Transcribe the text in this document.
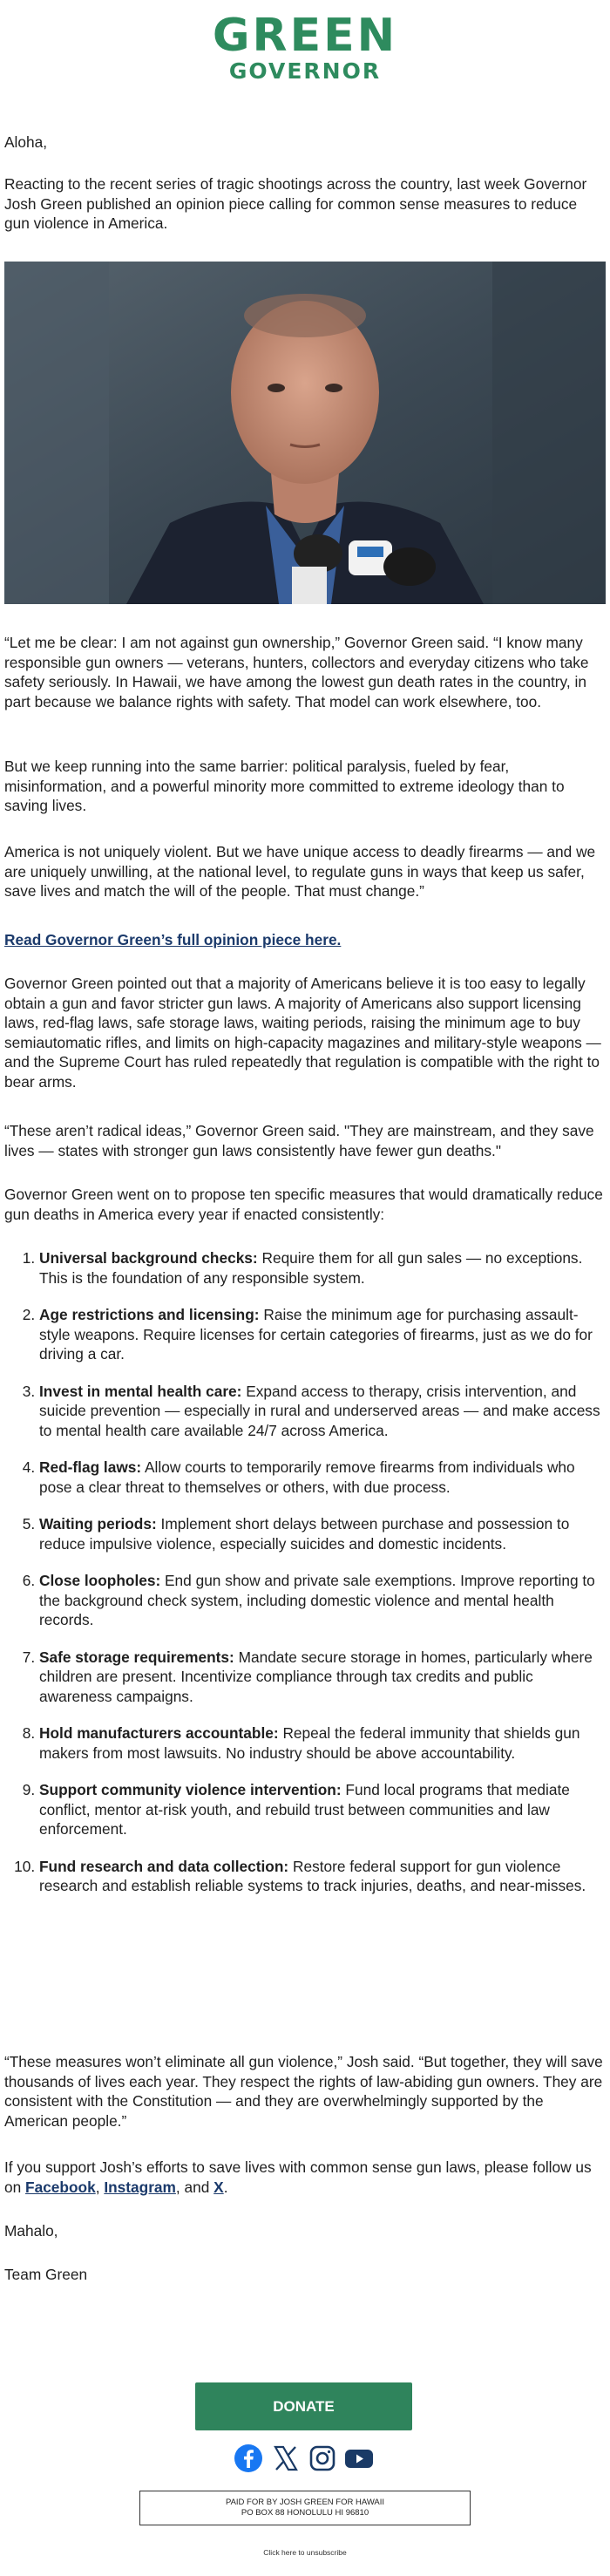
GREEN
GOVERNOR

Aloha,

Reacting to the recent series of tragic shootings across the country, last week Governor Josh Green published an opinion piece calling for common sense measures to reduce gun violence in America.

“Let me be clear: I am not against gun ownership,” Governor Green said. “I know many responsible gun owners — veterans, hunters, collectors and everyday citizens who take safety seriously. In Hawaii, we have among the lowest gun death rates in the country, in part because we balance rights with safety. That model can work elsewhere, too.

But we keep running into the same barrier: political paralysis, fueled by fear, misinformation, and a powerful minority more committed to extreme ideology than to saving lives.

America is not uniquely violent. But we have unique access to deadly firearms — and we are uniquely unwilling, at the national level, to regulate guns in ways that keep us safer, save lives and match the will of the people. That must change.”

Read Governor Green’s full opinion piece here.

Governor Green pointed out that a majority of Americans believe it is too easy to legally obtain a gun and favor stricter gun laws. A majority of Americans also support licensing laws, red-flag laws, safe storage laws, waiting periods, raising the minimum age to buy semiautomatic rifles, and limits on high-capacity magazines and military-style weapons — and the Supreme Court has ruled repeatedly that regulation is compatible with the right to bear arms.

“These aren’t radical ideas,” Governor Green said. "They are mainstream, and they save lives — states with stronger gun laws consistently have fewer gun deaths."

Governor Green went on to propose ten specific measures that would dramatically reduce gun deaths in America every year if enacted consistently:

1. Universal background checks: Require them for all gun sales — no exceptions. This is the foundation of any responsible system.
2. Age restrictions and licensing: Raise the minimum age for purchasing assault-style weapons. Require licenses for certain categories of firearms, just as we do for driving a car.
3. Invest in mental health care: Expand access to therapy, crisis intervention, and suicide prevention — especially in rural and underserved areas — and make access to mental health care available 24/7 across America.
4. Red-flag laws: Allow courts to temporarily remove firearms from individuals who pose a clear threat to themselves or others, with due process.
5. Waiting periods: Implement short delays between purchase and possession to reduce impulsive violence, especially suicides and domestic incidents.
6. Close loopholes: End gun show and private sale exemptions. Improve reporting to the background check system, including domestic violence and mental health records.
7. Safe storage requirements: Mandate secure storage in homes, particularly where children are present. Incentivize compliance through tax credits and public awareness campaigns.
8. Hold manufacturers accountable: Repeal the federal immunity that shields gun makers from most lawsuits. No industry should be above accountability.
9. Support community violence intervention: Fund local programs that mediate conflict, mentor at-risk youth, and rebuild trust between communities and law enforcement.
10. Fund research and data collection: Restore federal support for gun violence research and establish reliable systems to track injuries, deaths, and near-misses.

“These measures won’t eliminate all gun violence,” Josh said. “But together, they will save thousands of lives each year. They respect the rights of law-abiding gun owners. They are consistent with the Constitution — and they are overwhelmingly supported by the American people.”

If you support Josh’s efforts to save lives with common sense gun laws, please follow us on Facebook, Instagram, and X.

Mahalo,

Team Green

DONATE
PAID FOR BY JOSH GREEN FOR HAWAII
PO BOX 88 HONOLULU HI 96810
Click here to unsubscribe
